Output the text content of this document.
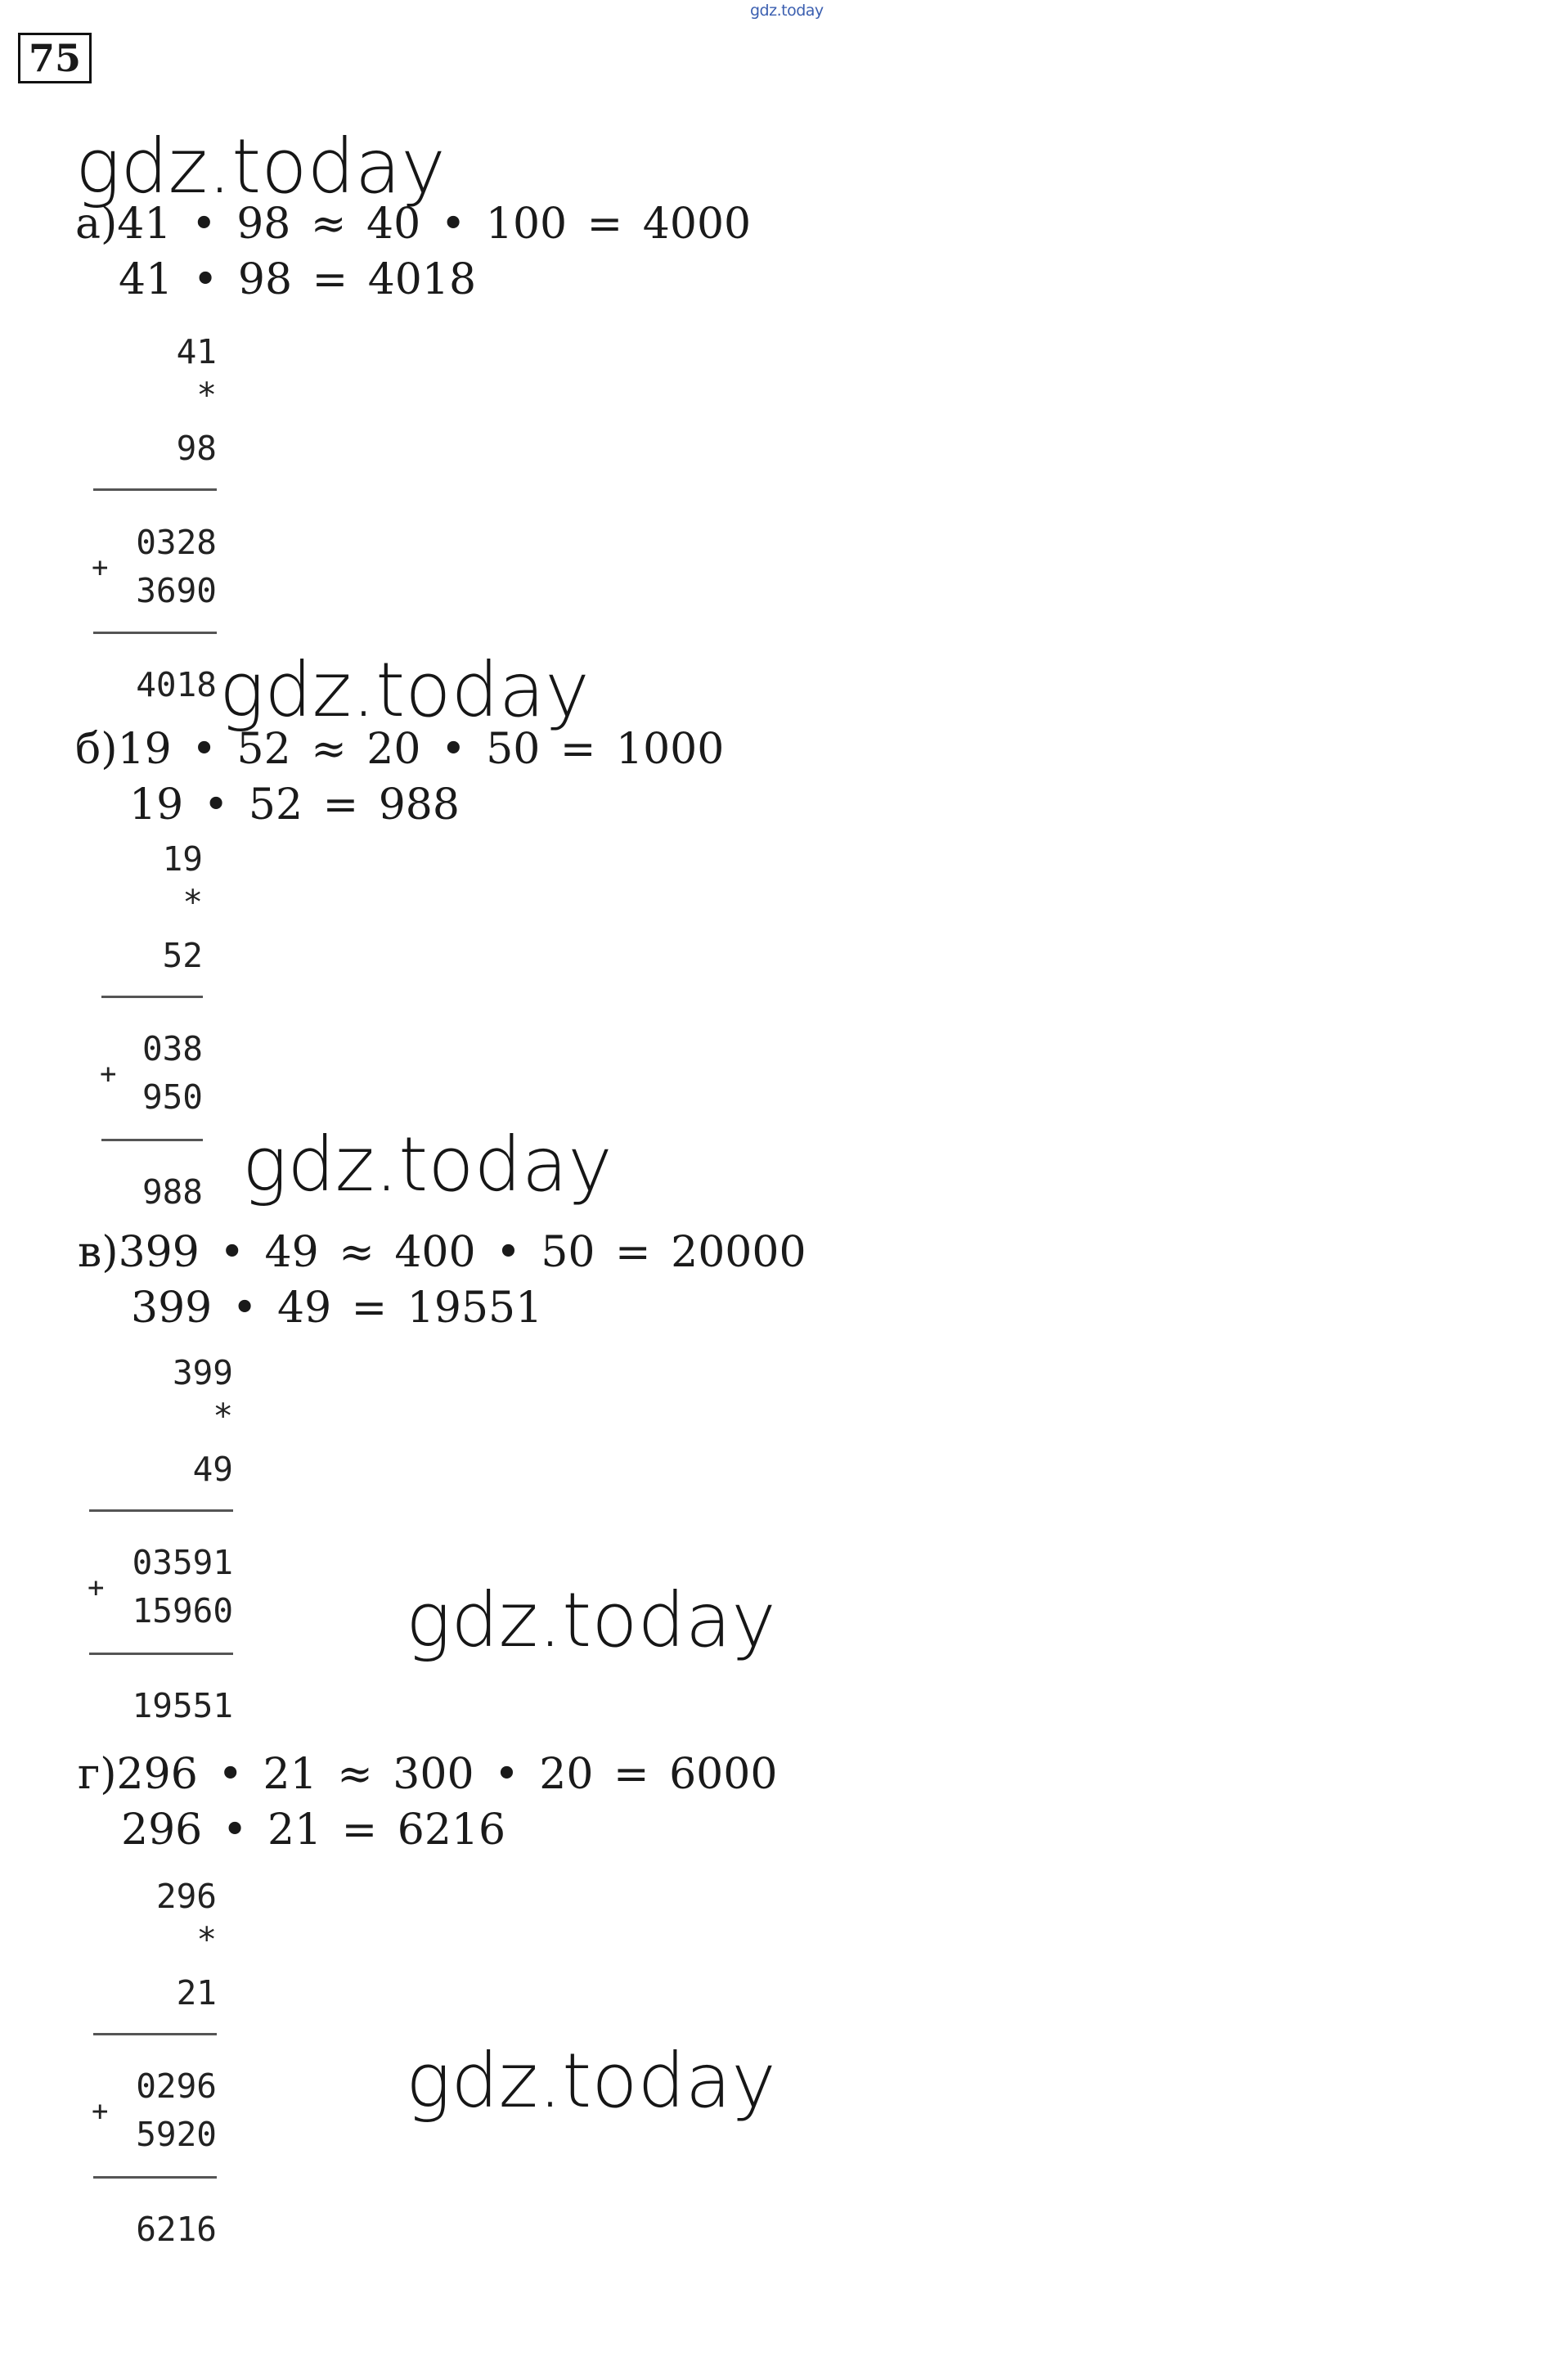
gdz.today
75
gdz.today
gdz.today
gdz.today
gdz.today
gdz.today
а)41 • 98 ≈ 40 • 100 = 4000
41 • 98 = 4018
41
*
98
0328
+
3690
4018
б)19 • 52 ≈ 20 • 50 = 1000
19 • 52 = 988
19
*
52
038
+
950
988
в)399 • 49 ≈ 400 • 50 = 20000
399 • 49 = 19551
399
*
49
03591
+
15960
19551
г)296 • 21 ≈ 300 • 20 = 6000
296 • 21 = 6216
296
*
21
0296
+
5920
6216
